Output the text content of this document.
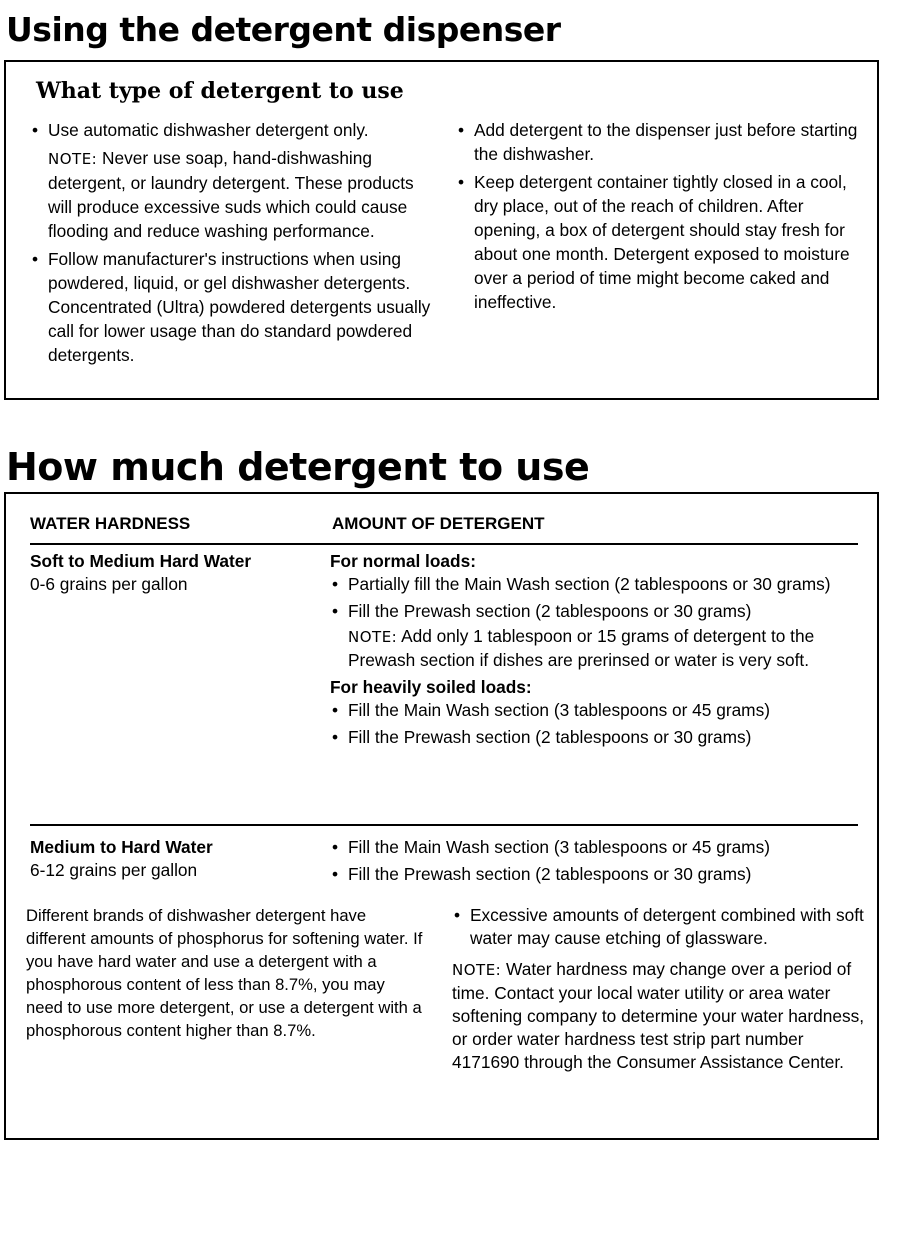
Using the detergent dispenser
What type of detergent to use
• Use automatic dishwasher detergent only.
NOTE: Never use soap, hand-dishwashing detergent, or laundry detergent. These products will produce excessive suds which could cause flooding and reduce washing performance.
• Follow manufacturer's instructions when using powdered, liquid, or gel dishwasher detergents. Concentrated (Ultra) powdered detergents usually call for lower usage than do standard powdered detergents.
• Add detergent to the dispenser just before starting the dishwasher.
• Keep detergent container tightly closed in a cool, dry place, out of the reach of children. After opening, a box of detergent should stay fresh for about one month. Detergent exposed to moisture over a period of time might become caked and ineffective.
How much detergent to use
WATER HARDNESS	AMOUNT OF DETERGENT
Soft to Medium Hard Water
0-6 grains per gallon
For normal loads:
• Partially fill the Main Wash section (2 tablespoons or 30 grams)
• Fill the Prewash section (2 tablespoons or 30 grams)
NOTE: Add only 1 tablespoon or 15 grams of detergent to the Prewash section if dishes are prerinsed or water is very soft.
For heavily soiled loads:
• Fill the Main Wash section (3 tablespoons or 45 grams)
• Fill the Prewash section (2 tablespoons or 30 grams)
Medium to Hard Water
6-12 grains per gallon
• Fill the Main Wash section (3 tablespoons or 45 grams)
• Fill the Prewash section (2 tablespoons or 30 grams)
Different brands of dishwasher detergent have different amounts of phosphorus for softening water. If you have hard water and use a detergent with a phosphorous content of less than 8.7%, you may need to use more detergent, or use a detergent with a phosphorous content higher than 8.7%.
• Excessive amounts of detergent combined with soft water may cause etching of glassware.
NOTE: Water hardness may change over a period of time. Contact your local water utility or area water softening company to determine your water hardness, or order water hardness test strip part number 4171690 through the Consumer Assistance Center.
